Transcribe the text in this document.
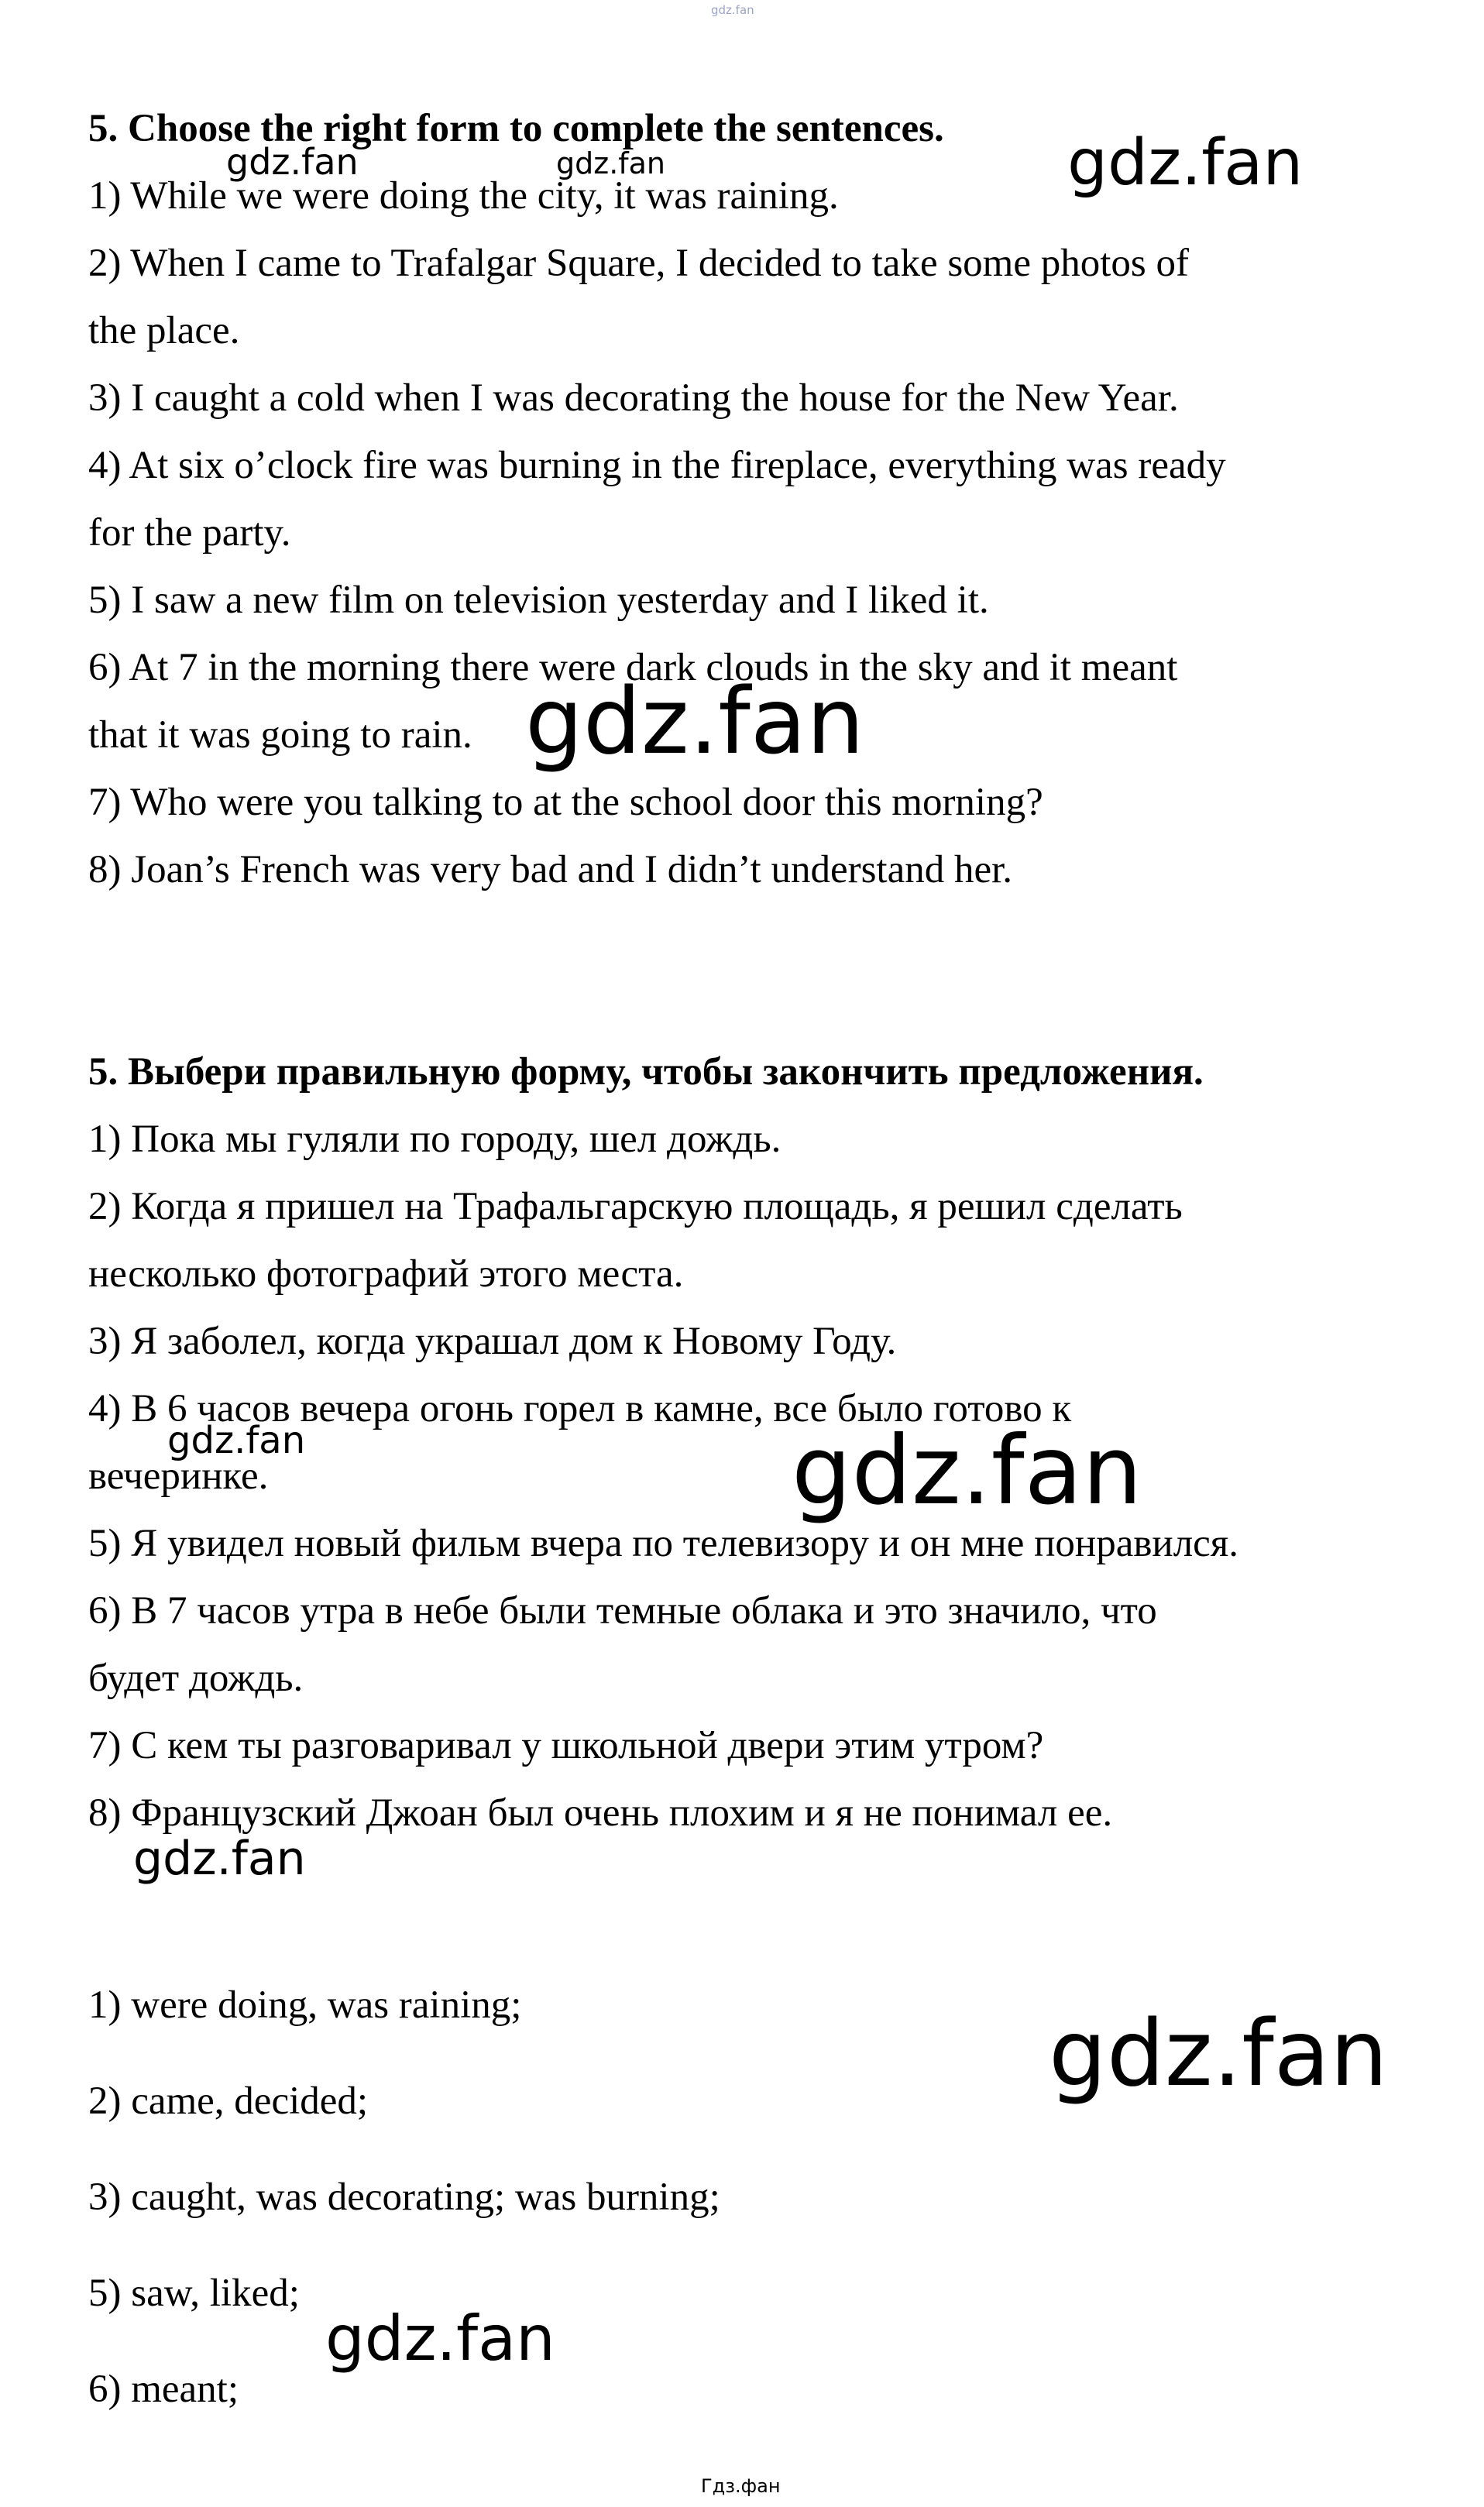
gdz.fan
5. Choose the right form to complete the sentences.
1) While we were doing the city, it was raining.
2) When I came to Trafalgar Square, I decided to take some photos of
the place.
3) I caught a cold when I was decorating the house for the New Year.
4) At six o’clock fire was burning in the fireplace, everything was ready
for the party.
5) I saw a new film on television yesterday and I liked it.
6) At 7 in the morning there were dark clouds in the sky and it meant
that it was going to rain.
7) Who were you talking to at the school door this morning?
8) Joan’s French was very bad and I didn’t understand her.
5. Выбери правильную форму, чтобы закончить предложения.
1) Пока мы гуляли по городу, шел дождь.
2) Когда я пришел на Трафальгарскую площадь, я решил сделать
несколько фотографий этого места.
3) Я заболел, когда украшал дом к Новому Году.
4) В 6 часов вечера огонь горел в камне, все было готово к
вечеринке.
5) Я увидел новый фильм вчера по телевизору и он мне понравился.
6) В 7 часов утра в небе были темные облака и это значило, что
будет дождь.
7) С кем ты разговаривал у школьной двери этим утром?
8) Французский Джоан был очень плохим и я не понимал ее.
1) were doing, was raining;
2) came, decided;
3) caught, was decorating; was burning;
5) saw, liked;
6) meant;
gdz.fan	gdz.fan	gdz.fan
gdz.fan
gdz.fan	gdz.fan
gdz.fan
gdz.fan
gdz.fan
Гдз.фан
